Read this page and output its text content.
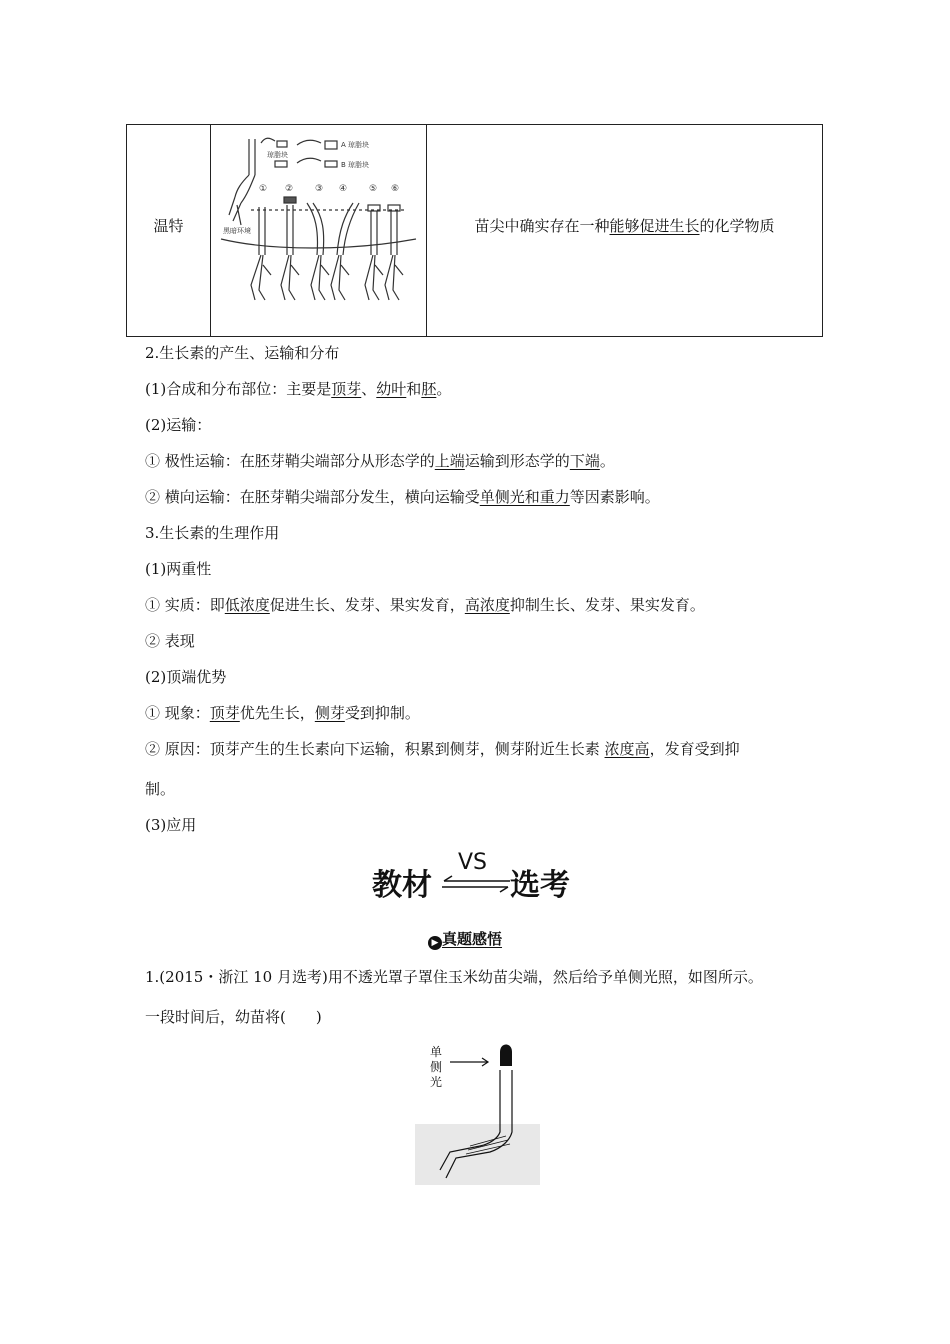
温特
A 琼脂块
B 琼脂块
琼脂块
黑暗环境
① ② ③ ④ ⑤ ⑥
苗尖中确实存在一种能够促进生长的化学物质
2.生长素的产生、运输和分布
(1)合成和分布部位：主要是顶芽、幼叶和胚。
(2)运输：
① 极性运输：在胚芽鞘尖端部分从形态学的上端运输到形态学的下端。
② 横向运输：在胚芽鞘尖端部分发生，横向运输受单侧光和重力等因素影响。
3.生长素的生理作用
(1)两重性
① 实质：即低浓度促进生长、发芽、果实发育，高浓度抑制生长、发芽、果实发育。
② 表现
(2)顶端优势
① 现象：顶芽优先生长，侧芽受到抑制。
② 原因：顶芽产生的生长素向下运输，积累到侧芽，侧芽附近生长素 浓度高，发育受到抑
制。
(3)应用
教材
VS
选考
▶ 真题感悟
1.(2015・浙江 10 月选考)用不透光罩子罩住玉米幼苗尖端，然后给予单侧光照，如图所示。
一段时间后，幼苗将(　　)
单
侧
光
